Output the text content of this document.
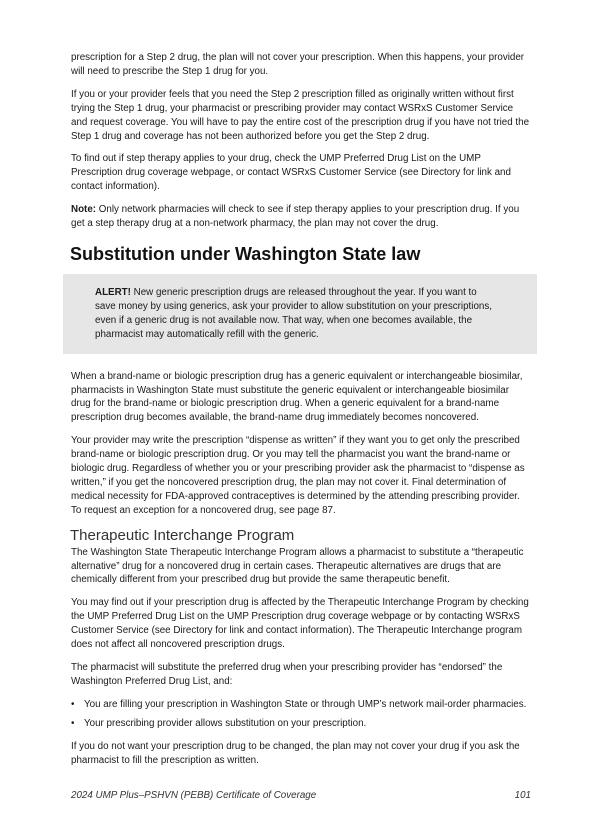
prescription for a Step 2 drug, the plan will not cover your prescription. When this happens, your provider will need to prescribe the Step 1 drug for you.

If you or your provider feels that you need the Step 2 prescription filled as originally written without first trying the Step 1 drug, your pharmacist or prescribing provider may contact WSRxS Customer Service and request coverage. You will have to pay the entire cost of the prescription drug if you have not tried the Step 1 drug and coverage has not been authorized before you get the Step 2 drug.

To find out if step therapy applies to your drug, check the UMP Preferred Drug List on the UMP Prescription drug coverage webpage, or contact WSRxS Customer Service (see Directory for link and contact information).

Note: Only network pharmacies will check to see if step therapy applies to your prescription drug. If you get a step therapy drug at a non-network pharmacy, the plan may not cover the drug.

Substitution under Washington State law

ALERT! New generic prescription drugs are released throughout the year. If you want to save money by using generics, ask your provider to allow substitution on your prescriptions, even if a generic drug is not available now. That way, when one becomes available, the pharmacist may automatically refill with the generic.

When a brand-name or biologic prescription drug has a generic equivalent or interchangeable biosimilar, pharmacists in Washington State must substitute the generic equivalent or interchangeable biosimilar drug for the brand-name or biologic prescription drug. When a generic equivalent for a brand-name prescription drug becomes available, the brand-name drug immediately becomes noncovered.

Your provider may write the prescription “dispense as written” if they want you to get only the prescribed brand-name or biologic prescription drug. Or you may tell the pharmacist you want the brand-name or biologic drug. Regardless of whether you or your prescribing provider ask the pharmacist to “dispense as written,” if you get the noncovered prescription drug, the plan may not cover it. Final determination of medical necessity for FDA-approved contraceptives is determined by the attending prescribing provider. To request an exception for a noncovered drug, see page 87.

Therapeutic Interchange Program

The Washington State Therapeutic Interchange Program allows a pharmacist to substitute a “therapeutic alternative” drug for a noncovered drug in certain cases. Therapeutic alternatives are drugs that are chemically different from your prescribed drug but provide the same therapeutic benefit.

You may find out if your prescription drug is affected by the Therapeutic Interchange Program by checking the UMP Preferred Drug List on the UMP Prescription drug coverage webpage or by contacting WSRxS Customer Service (see Directory for link and contact information). The Therapeutic Interchange program does not affect all noncovered prescription drugs.

The pharmacist will substitute the preferred drug when your prescribing provider has “endorsed” the Washington Preferred Drug List, and:

• You are filling your prescription in Washington State or through UMP’s network mail-order pharmacies.
• Your prescribing provider allows substitution on your prescription.

If you do not want your prescription drug to be changed, the plan may not cover your drug if you ask the pharmacist to fill the prescription as written.

2024 UMP Plus–PSHVN (PEBB) Certificate of Coverage	101
